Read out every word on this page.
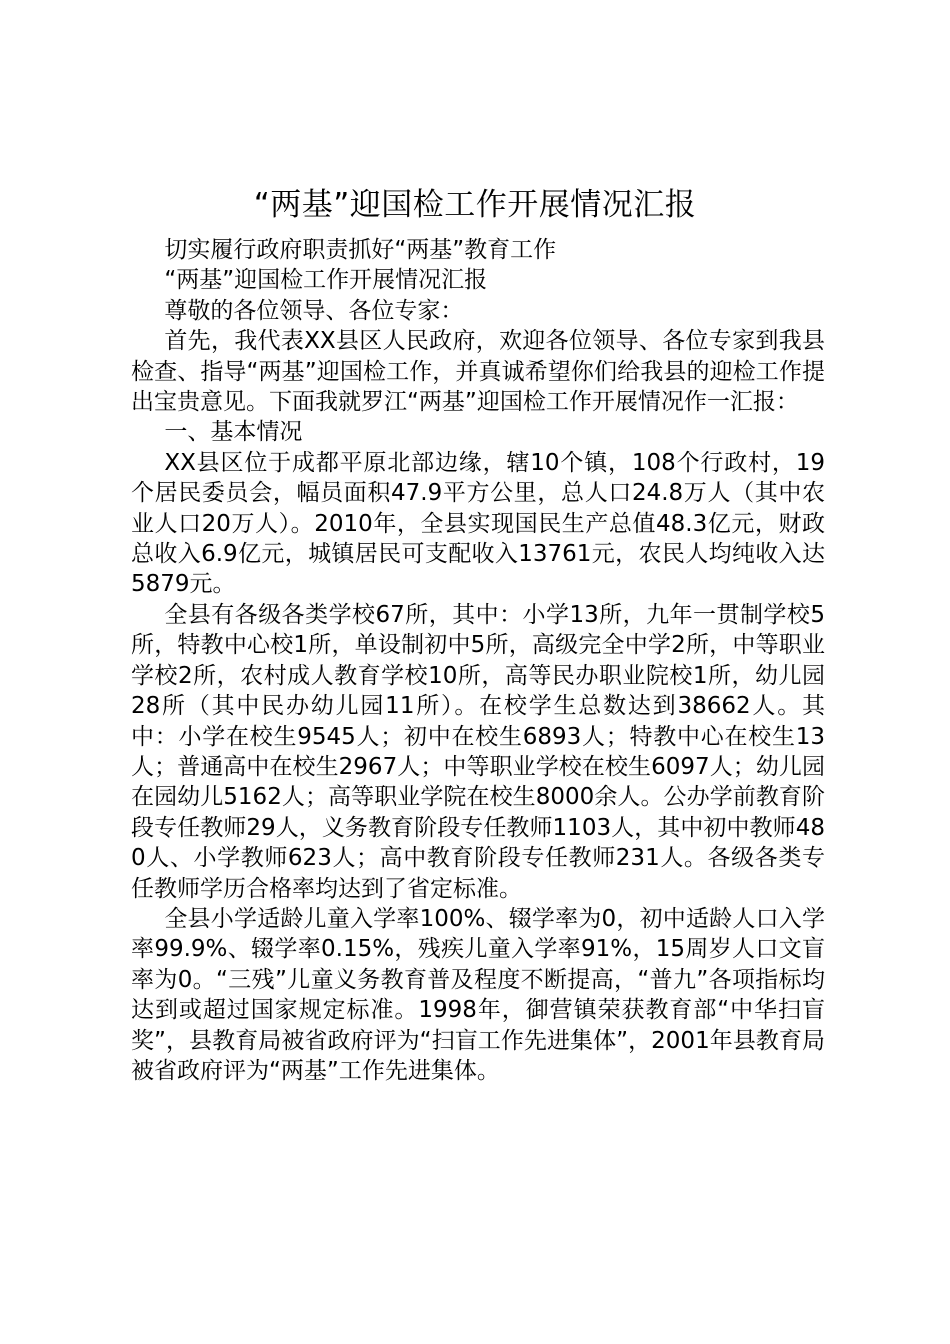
“两基”迎国检工作开展情况汇报

切实履行政府职责抓好“两基”教育工作

“两基”迎国检工作开展情况汇报

尊敬的各位领导、各位专家：

首先，我代表XX县区人民政府，欢迎各位领导、各位专家到我县检查、指导“两基”迎国检工作，并真诚希望你们给我县的迎检工作提出宝贵意见。下面我就罗江“两基”迎国检工作开展情况作一汇报：

一、基本情况

XX县区位于成都平原北部边缘，辖10个镇，108个行政村，19个居民委员会，幅员面积47.9平方公里，总人口24.8万人（其中农业人口20万人）。2010年，全县实现国民生产总值48.3亿元，财政总收入6.9亿元，城镇居民可支配收入13761元，农民人均纯收入达5879元。

全县有各级各类学校67所，其中：小学13所，九年一贯制学校5所，特教中心校1所，单设制初中5所，高级完全中学2所，中等职业学校2所，农村成人教育学校10所，高等民办职业院校1所，幼儿园28所（其中民办幼儿园11所）。在校学生总数达到38662人。其中：小学在校生9545人；初中在校生6893人；特教中心在校生13人；普通高中在校生2967人；中等职业学校在校生6097人；幼儿园在园幼儿5162人；高等职业学院在校生8000余人。公办学前教育阶段专任教师29人，义务教育阶段专任教师1103人，其中初中教师480人、小学教师623人；高中教育阶段专任教师231人。各级各类专任教师学历合格率均达到了省定标准。

全县小学适龄儿童入学率100%、辍学率为0，初中适龄人口入学率99.9%、辍学率0.15%，残疾儿童入学率91%，15周岁人口文盲率为0。“三残”儿童义务教育普及程度不断提高，“普九”各项指标均达到或超过国家规定标准。1998年，御营镇荣获教育部“中华扫盲奖”，县教育局被省政府评为“扫盲工作先进集体”，2001年县教育局被省政府评为“两基”工作先进集体。
